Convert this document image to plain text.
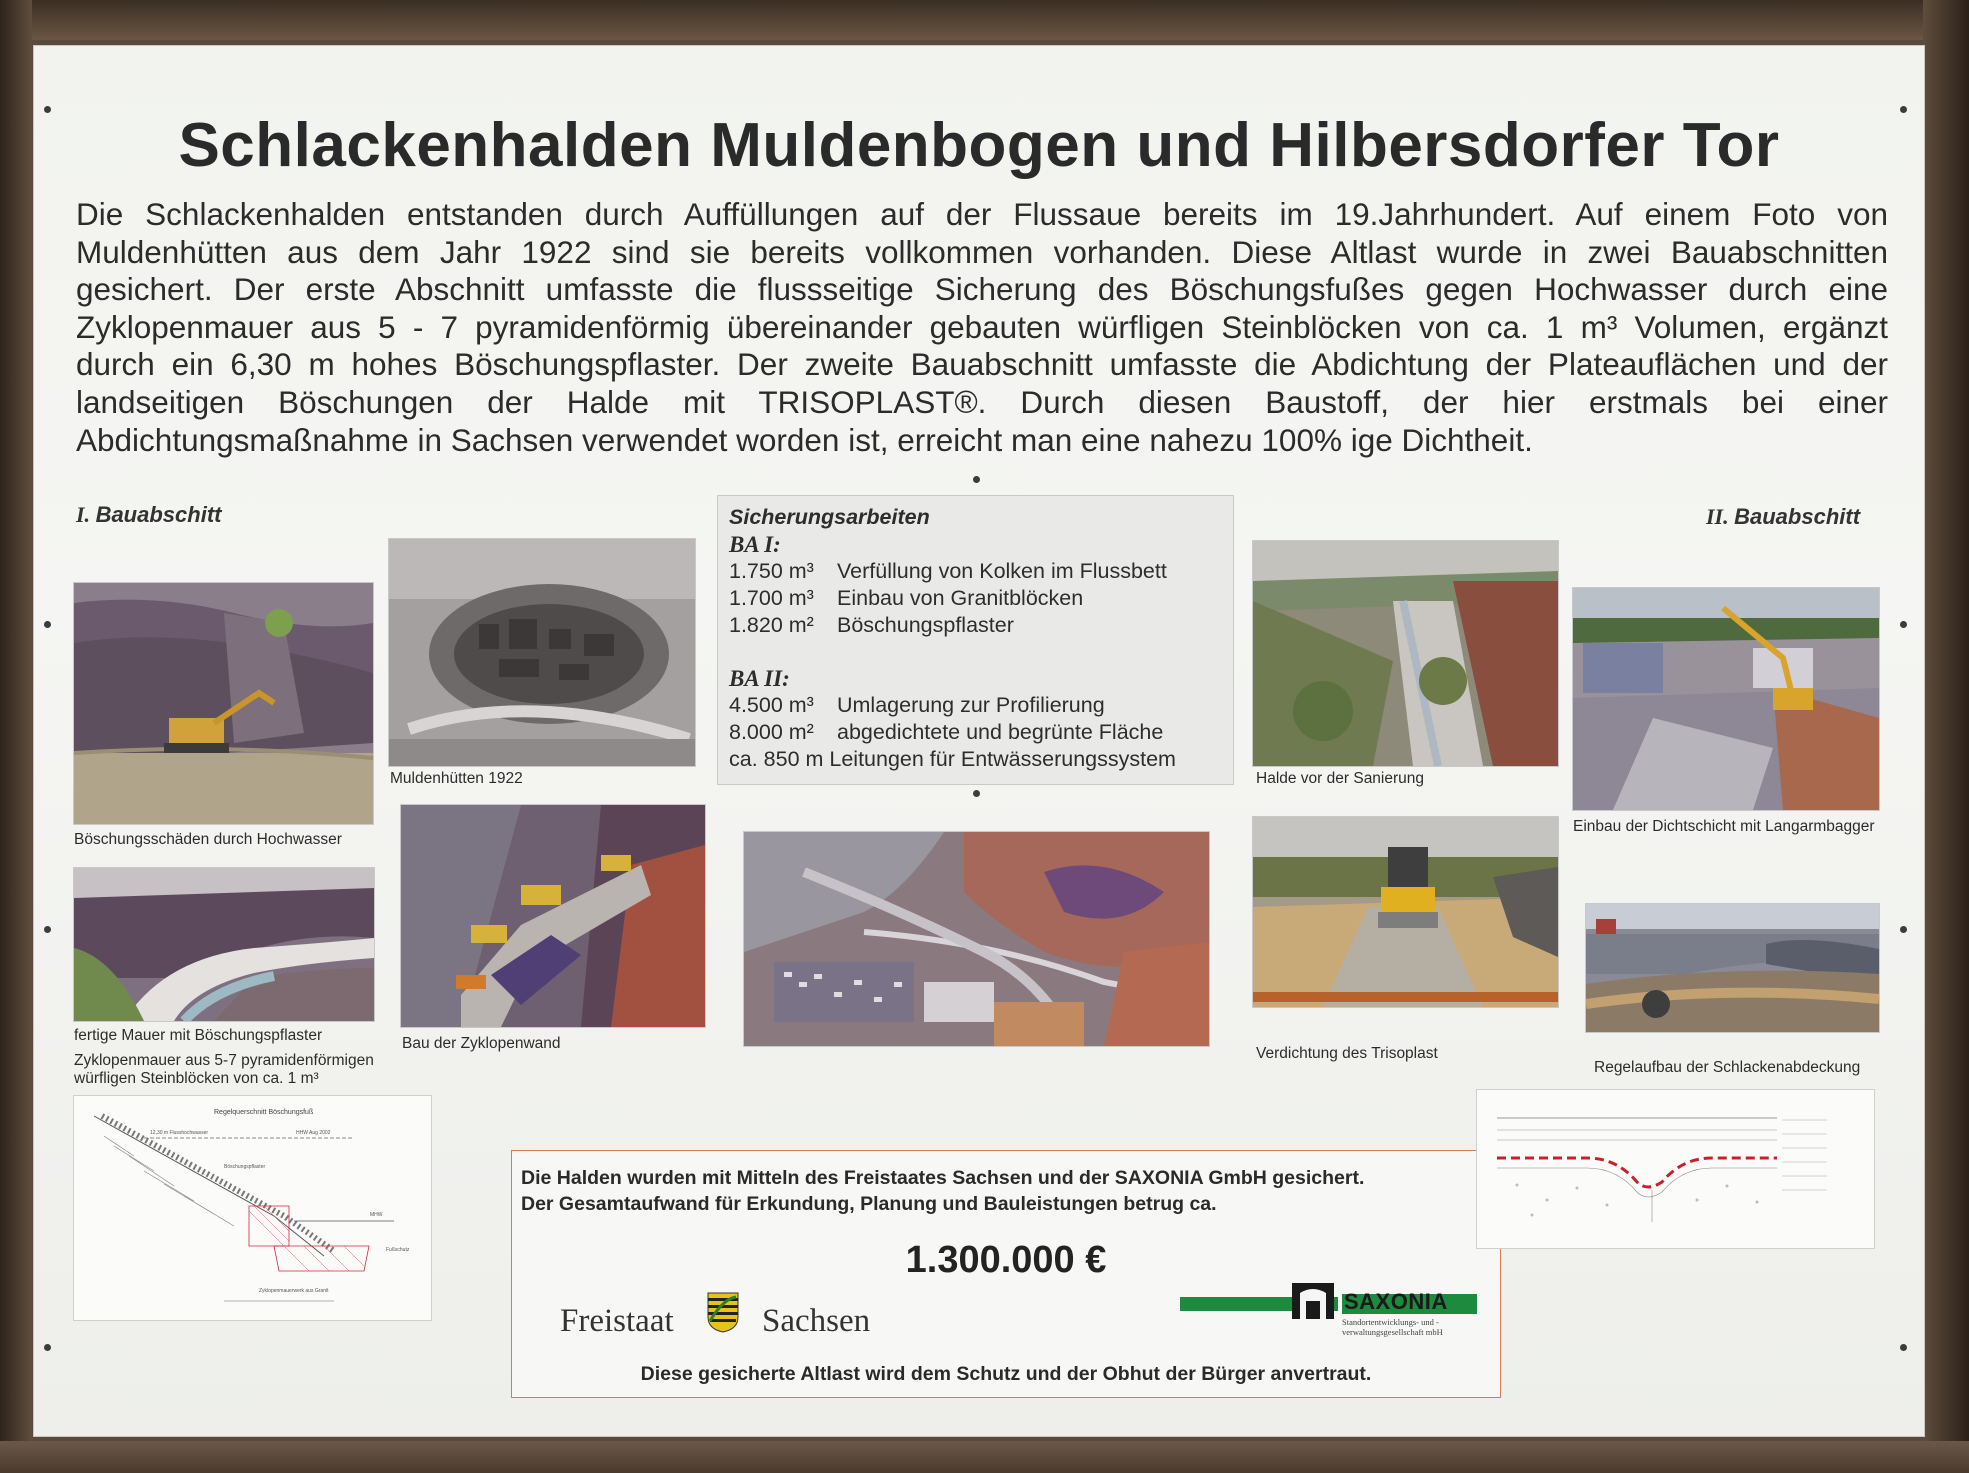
Schlackenhalden Muldenbogen und Hilbersdorfer Tor
Die Schlackenhalden entstanden durch Auffüllungen auf der Flussaue bereits im 19.Jahrhundert. Auf einem Foto von
Muldenhütten aus dem Jahr 1922 sind sie bereits vollkommen vorhanden. Diese Altlast wurde in zwei Bauabschnitten
gesichert. Der erste Abschnitt umfasste die flussseitige Sicherung des Böschungsfußes gegen Hochwasser durch eine
Zyklopenmauer aus 5 - 7 pyramidenförmig übereinander gebauten würfligen Steinblöcken von ca. 1 m³ Volumen, ergänzt
durch ein 6,30 m hohes Böschungspflaster. Der zweite Bauabschnitt umfasste die Abdichtung der Plateauflächen und der
landseitigen Böschungen der Halde mit TRISOPLAST®. Durch diesen Baustoff, der hier erstmals bei einer
Abdichtungsmaßnahme in Sachsen verwendet worden ist, erreicht man eine nahezu 100% ige Dichtheit.
I. Bauabschitt	II. Bauabschitt
Böschungsschäden durch Hochwasser
Muldenhütten 1922
fertige Mauer mit Böschungspflaster
Zyklopenmauer aus 5-7 pyramidenförmigen
würfligen Steinblöcken von ca. 1 m³
Bau der Zyklopenwand
Sicherungsarbeiten
BA I:
1.750 m³	Verfüllung von Kolken im Flussbett
1.700 m³	Einbau von Granitblöcken
1.820 m²	Böschungspflaster
BA II:
4.500 m³	Umlagerung zur Profilierung
8.000 m²	abgedichtete und begrünte Fläche
ca. 850 m Leitungen für Entwässerungssystem
Halde vor der Sanierung
Einbau der Dichtschicht mit Langarmbagger
Verdichtung des Trisoplast
Regelaufbau der Schlackenabdeckung
Regelquerschnitt Böschungsfuß
12,30 m Flusshochwasser	HHW Aug 2002
Böschungspflaster
MHW
Fußschutz
Zyklopenmauerwerk aus Granit
Die Halden wurden mit Mitteln des Freistaates Sachsen und der SAXONIA GmbH gesichert.
Der Gesamtaufwand für Erkundung, Planung und Bauleistungen betrug ca.
1.300.000 €
Freistaat	Sachsen
SAXONIA
Standortentwicklungs- und -verwaltungsgesellschaft mbH
Diese gesicherte Altlast wird dem Schutz und der Obhut der Bürger anvertraut.
